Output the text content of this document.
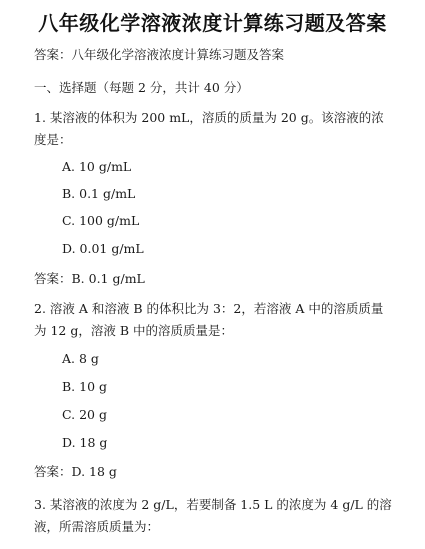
八年级化学溶液浓度计算练习题及答案
答案：八年级化学溶液浓度计算练习题及答案
一、选择题（每题 2 分，共计 40 分）
1. 某溶液的体积为 200 mL，溶质的质量为 20 g。该溶液的浓度是：
A. 10 g/mL
B. 0.1 g/mL
C. 100 g/mL
D. 0.01 g/mL
答案：B. 0.1 g/mL
2. 溶液 A 和溶液 B 的体积比为 3：2，若溶液 A 中的溶质质量为 12 g，溶液 B 中的溶质质量是：
A. 8 g
B. 10 g
C. 20 g
D. 18 g
答案：D. 18 g
3. 某溶液的浓度为 2 g/L，若要制备 1.5 L 的浓度为 4 g/L 的溶液，所需溶质质量为：
